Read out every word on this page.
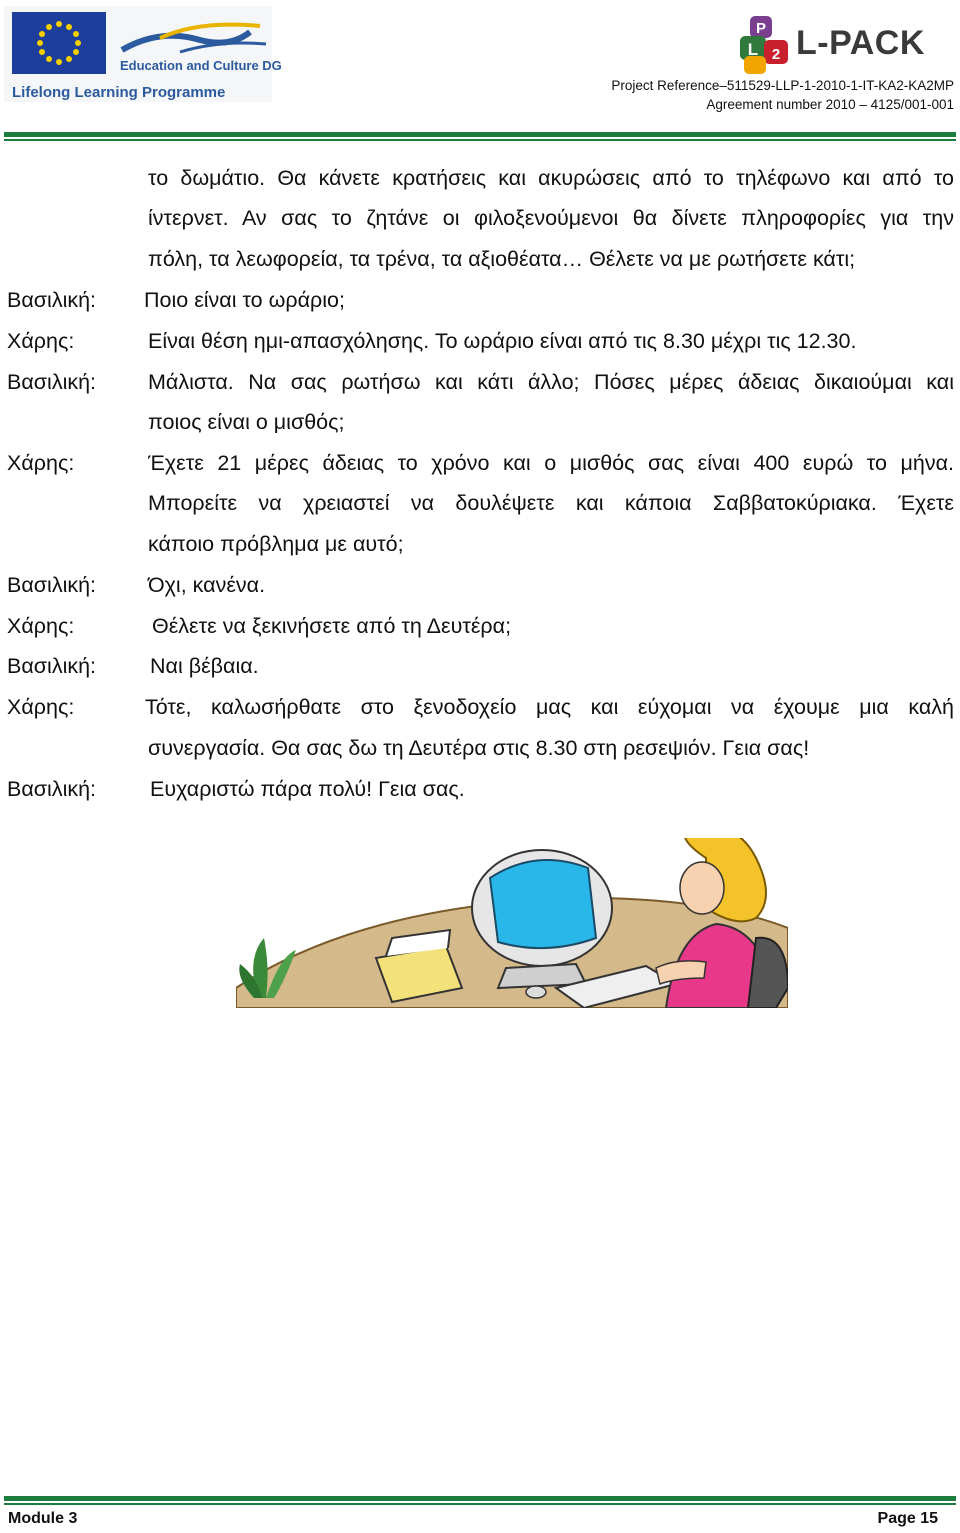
Education and Culture DG
Lifelong Learning Programme
P
L 2 L-PACK
Project Reference–511529-LLP-1-2010-1-IT-KA2-KA2MP
Agreement number 2010 – 4125/001-001
το δωμάτιο. Θα κάνετε κρατήσεις και ακυρώσεις από το τηλέφωνο και από το
ίντερνετ. Αν σας το ζητάνε οι φιλοξενούμενοι θα δίνετε πληροφορίες για την
πόλη, τα λεωφορεία, τα τρένα, τα αξιοθέατα… Θέλετε να με ρωτήσετε κάτι;
Βασιλική: Ποιο είναι το ωράριο;
Χάρης:	Είναι θέση ημι-απασχόλησης. Το ωράριο είναι από τις 8.30 μέχρι τις 12.30.
Βασιλική: Μάλιστα. Να σας ρωτήσω και κάτι άλλο; Πόσες μέρες άδειας δικαιούμαι και
ποιος είναι ο μισθός;
Χάρης:	Έχετε 21 μέρες άδειας το χρόνο και ο μισθός σας είναι 400 ευρώ το μήνα.
Μπορείτε να χρειαστεί να δουλέψετε και κάποια Σαββατοκύριακα. Έχετε
κάποιο πρόβλημα με αυτό;
Βασιλική: Όχι, κανένα.
Χάρης:	Θέλετε να ξεκινήσετε από τη Δευτέρα;
Βασιλική:	Ναι βέβαια.
Χάρης:	Τότε, καλωσήρθατε στο ξενοδοχείο μας και εύχομαι να έχουμε μια καλή
συνεργασία. Θα σας δω τη Δευτέρα στις 8.30 στη ρεσεψιόν. Γεια σας!
Βασιλική:	Ευχαριστώ πάρα πολύ! Γεια σας.
Module 3	Page 15
